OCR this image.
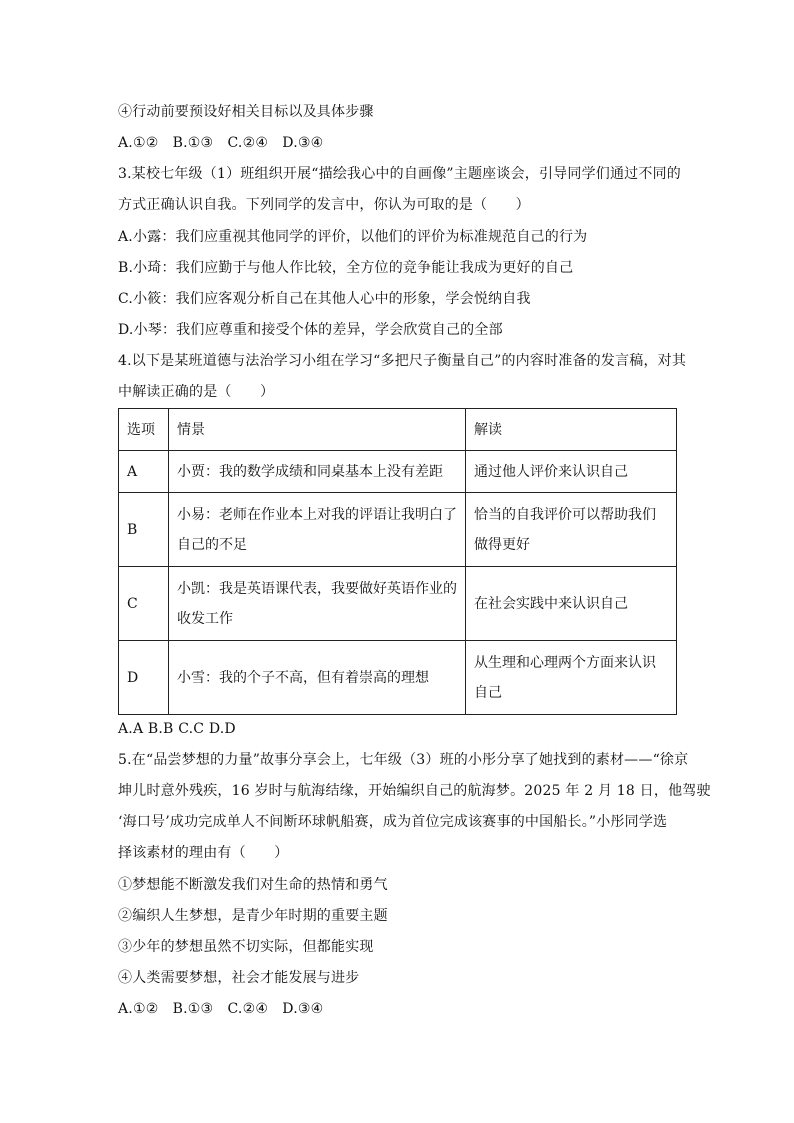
④行动前要预设好相关目标以及具体步骤
A.①②　B.①③　C.②④　D.③④
3.某校七年级（1）班组织开展“描绘我心中的自画像”主题座谈会，引导同学们通过不同的
方式正确认识自我。下列同学的发言中，你认为可取的是（　　）
A.小露：我们应重视其他同学的评价，以他们的评价为标准规范自己的行为
B.小琦：我们应勤于与他人作比较，全方位的竞争能让我成为更好的自己
C.小筱：我们应客观分析自己在其他人心中的形象，学会悦纳自我
D.小琴：我们应尊重和接受个体的差异，学会欣赏自己的全部
4.以下是某班道德与法治学习小组在学习“多把尺子衡量自己”的内容时准备的发言稿，对其
中解读正确的是（　　）
选项	情景	解读
A	小贾：我的数学成绩和同桌基本上没有差距	通过他人评价来认识自己
B	小易：老师在作业本上对我的评语让我明白了自己的不足	恰当的自我评价可以帮助我们做得更好
C	小凯：我是英语课代表，我要做好英语作业的收发工作	在社会实践中来认识自己
D	小雪：我的个子不高，但有着崇高的理想	从生理和心理两个方面来认识自己
A.A B.B C.C D.D
5.在“品尝梦想的力量”故事分享会上，七年级（3）班的小彤分享了她找到的素材——“徐京
坤儿时意外残疾，16 岁时与航海结缘，开始编织自己的航海梦。2025 年 2 月 18 日，他驾驶
‘海口号’成功完成单人不间断环球帆船赛，成为首位完成该赛事的中国船长。”小彤同学选
择该素材的理由有（　　）
①梦想能不断激发我们对生命的热情和勇气
②编织人生梦想，是青少年时期的重要主题
③少年的梦想虽然不切实际，但都能实现
④人类需要梦想，社会才能发展与进步
A.①②　B.①③　C.②④　D.③④
